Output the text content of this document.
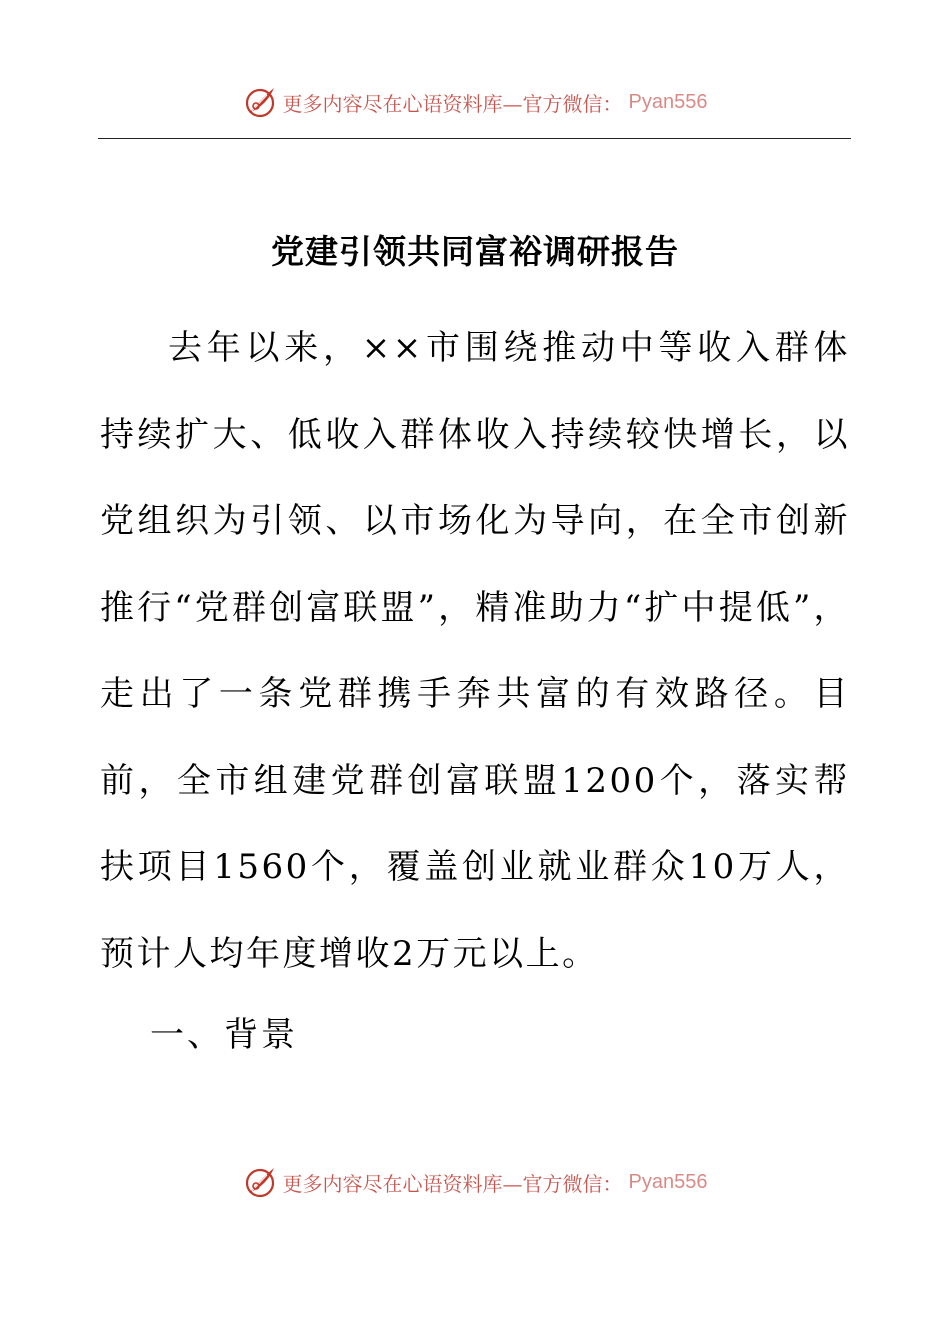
更多内容尽在心语资料库—官方微信： Pyan556
党建引领共同富裕调研报告

去年以来，××市围绕推动中等收入群体持续扩大、低收入群体收入持续较快增长，以党组织为引领、以市场化为导向，在全市创新推行“党群创富联盟”，精准助力“扩中提低”，走出了一条党群携手奔共富的有效路径。目前，全市组建党群创富联盟1200个，落实帮扶项目1560个，覆盖创业就业群众10万人，预计人均年度增收2万元以上。

一、背景

更多内容尽在心语资料库—官方微信： Pyan556
